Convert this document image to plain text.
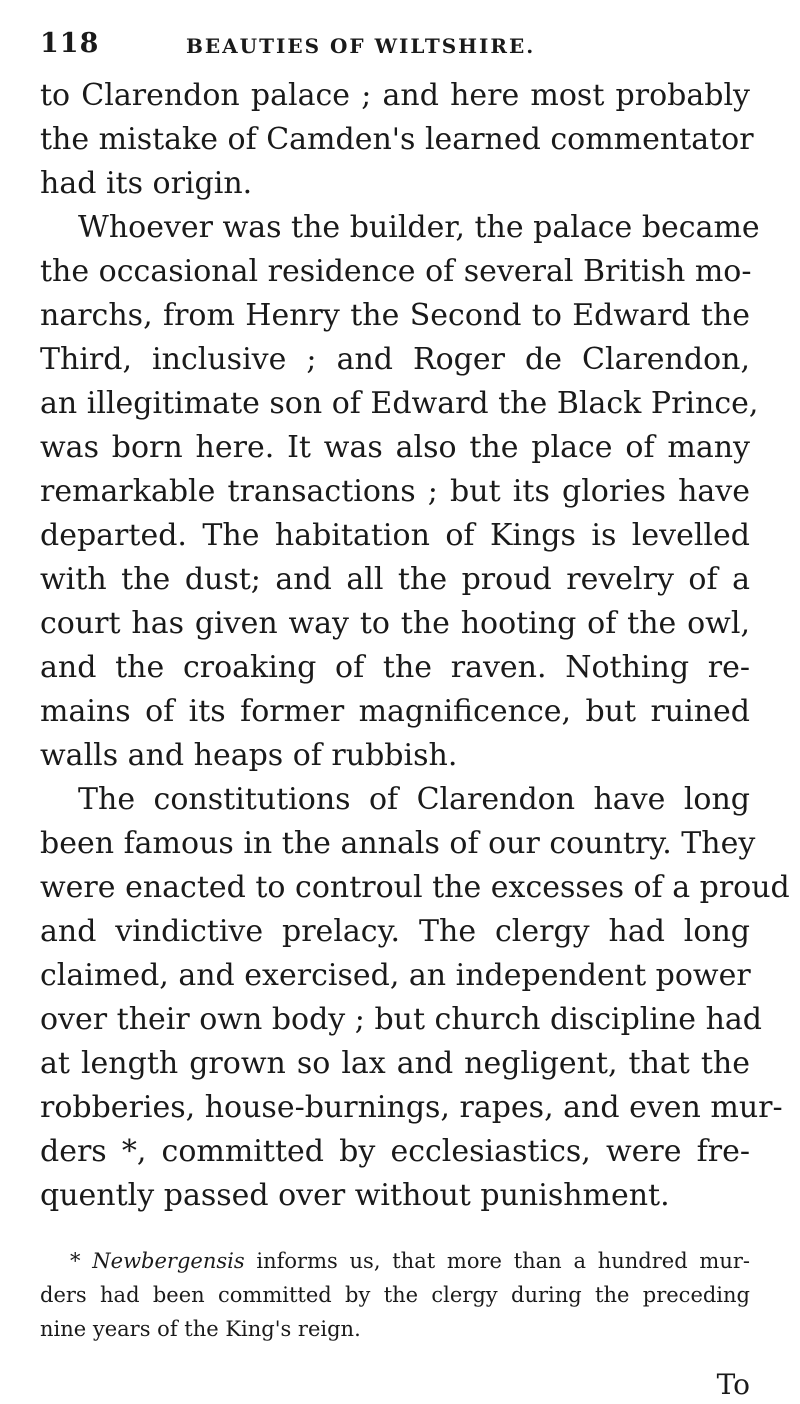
118	BEAUTIES OF WILTSHIRE.
to Clarendon palace ; and here most probably
the mistake of Camden's learned commentator
had its origin.
Whoever was the builder, the palace became
the occasional residence of several British mo-
narchs, from Henry the Second to Edward the
Third, inclusive ; and Roger de Clarendon,
an illegitimate son of Edward the Black Prince,
was born here. It was also the place of many
remarkable transactions ; but its glories have
departed. The habitation of Kings is levelled
with the dust; and all the proud revelry of a
court has given way to the hooting of the owl,
and the croaking of the raven. Nothing re-
mains of its former magnificence, but ruined
walls and heaps of rubbish.
The constitutions of Clarendon have long
been famous in the annals of our country. They
were enacted to controul the excesses of a proud
and vindictive prelacy. The clergy had long
claimed, and exercised, an independent power
over their own body ; but church discipline had
at length grown so lax and negligent, that the
robberies, house-burnings, rapes, and even mur-
ders *, committed by ecclesiastics, were fre-
quently passed over without punishment.
* Newbergensis informs us, that more than a hundred mur-
ders had been committed by the clergy during the preceding
nine years of the King's reign.
To
